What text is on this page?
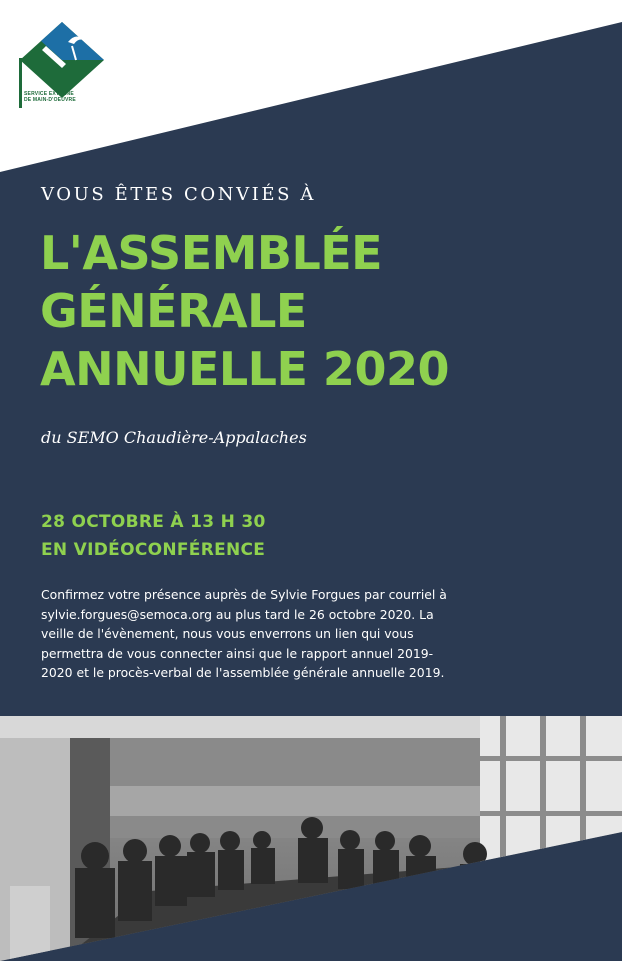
SERVICE EXTERNE
DE MAIN-D'OEUVRE
VOUS ÊTES CONVIÉS À
L'ASSEMBLÉE
GÉNÉRALE
ANNUELLE 2020
du SEMO Chaudière-Appalaches
28 OCTOBRE À 13 H 30
EN VIDÉOCONFÉRENCE
Confirmez votre présence auprès de Sylvie Forgues par courriel à
sylvie.forgues@semoca.org au plus tard le 26 octobre 2020. La
veille de l'évènement, nous vous enverrons un lien qui vous
permettra de vous connecter ainsi que le rapport annuel 2019-
2020 et le procès-verbal de l'assemblée générale annuelle 2019.
